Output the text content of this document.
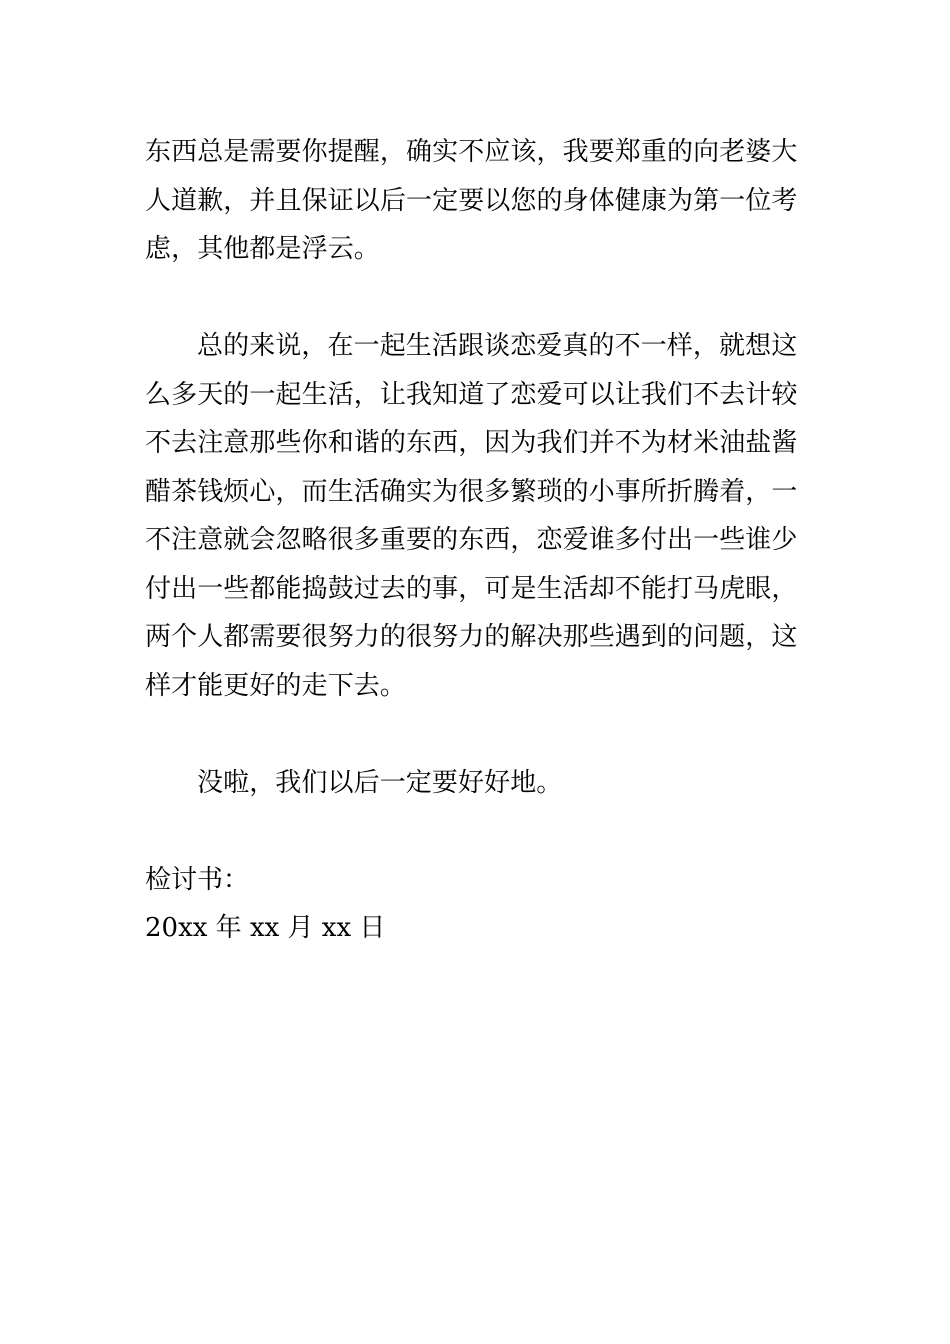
东西总是需要你提醒，确实不应该，我要郑重的向老婆大人道歉，并且保证以后一定要以您的身体健康为第一位考虑，其他都是浮云。

总的来说，在一起生活跟谈恋爱真的不一样，就想这么多天的一起生活，让我知道了恋爱可以让我们不去计较不去注意那些你和谐的东西，因为我们并不为材米油盐酱醋茶钱烦心，而生活确实为很多繁琐的小事所折腾着，一不注意就会忽略很多重要的东西，恋爱谁多付出一些谁少付出一些都能捣鼓过去的事，可是生活却不能打马虎眼，两个人都需要很努力的很努力的解决那些遇到的问题，这样才能更好的走下去。

没啦，我们以后一定要好好地。

检讨书：

20xx 年 xx 月 xx 日
